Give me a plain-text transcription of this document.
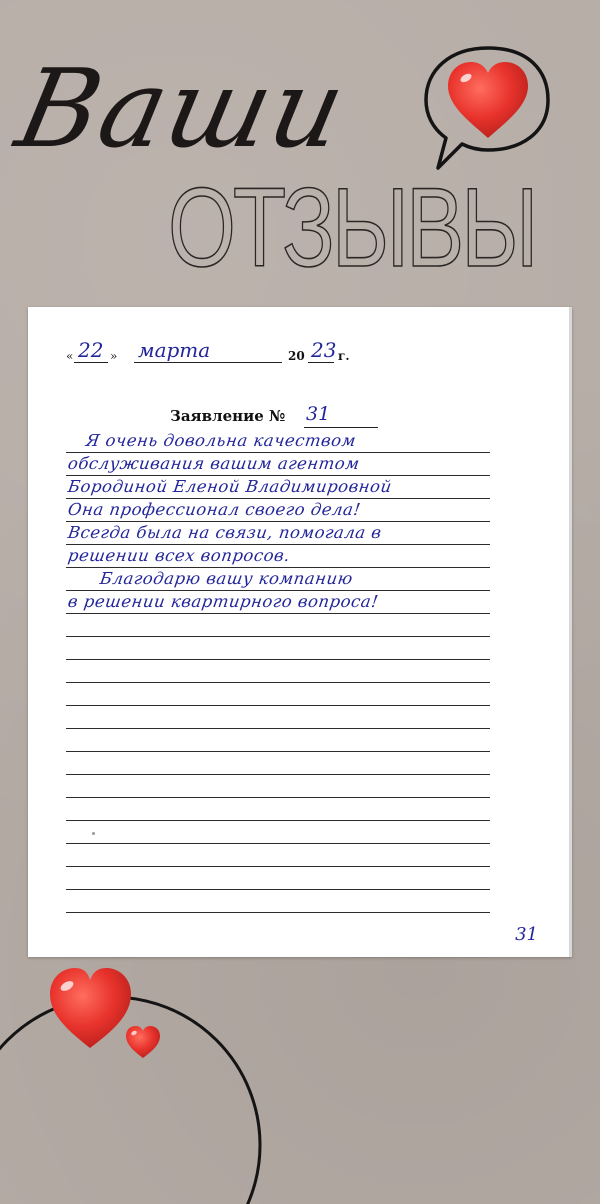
Ваши
ОТЗЫВЫ
« 22 » марта	20 23 г.
Заявление № 31
Я очень довольна качеством
обслуживания вашим агентом
Бородиной Еленой Владимировной
Она профессионал своего дела!
Всегда была на связи, помогала в
решении всех вопросов.
Благодарю вашу компанию
в решении квартирного вопроса!
31
